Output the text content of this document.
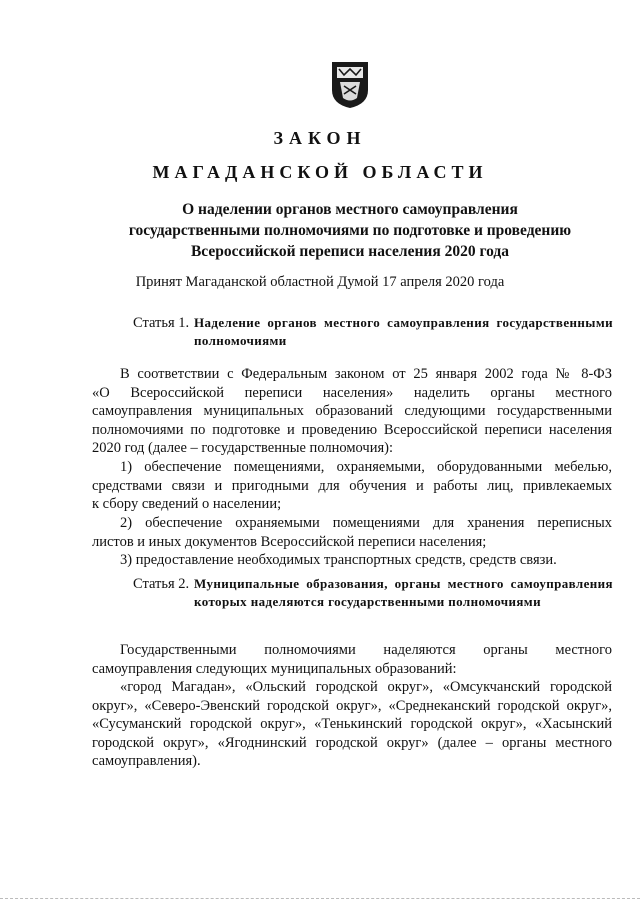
ЗАКОН
МАГАДАНСКОЙ ОБЛАСТИ
О наделении органов местного самоуправления
государственными полномочиями по подготовке и проведению
Всероссийской переписи населения 2020 года
Принят Магаданской областной Думой 17 апреля 2020 года
Статья 1. Наделение органов местного самоуправления государственными полномочиями
В соответствии с Федеральным законом от 25 января 2002 года № 8-ФЗ
«О Всероссийской переписи населения» наделить органы местного
самоуправления муниципальных образований следующими государственными
полномочиями по подготовке и проведению Всероссийской переписи населения
2020 год (далее – государственные полномочия):
1) обеспечение помещениями, охраняемыми, оборудованными мебелью,
средствами связи и пригодными для обучения и работы лиц, привлекаемых
к сбору сведений о населении;
2) обеспечение охраняемыми помещениями для хранения переписных
листов и иных документов Всероссийской переписи населения;
3) предоставление необходимых транспортных средств, средств связи.
Статья 2. Муниципальные образования, органы местного самоуправления которых наделяются государственными полномочиями
Государственными полномочиями наделяются органы местного
самоуправления следующих муниципальных образований:
«город Магадан», «Ольский городской округ», «Омсукчанский городской
округ», «Северо-Эвенский городской округ», «Среднеканский городской округ»,
«Сусуманский городской округ», «Тенькинский городской округ», «Хасынский
городской округ», «Ягоднинский городской округ» (далее – органы местного
самоуправления).
